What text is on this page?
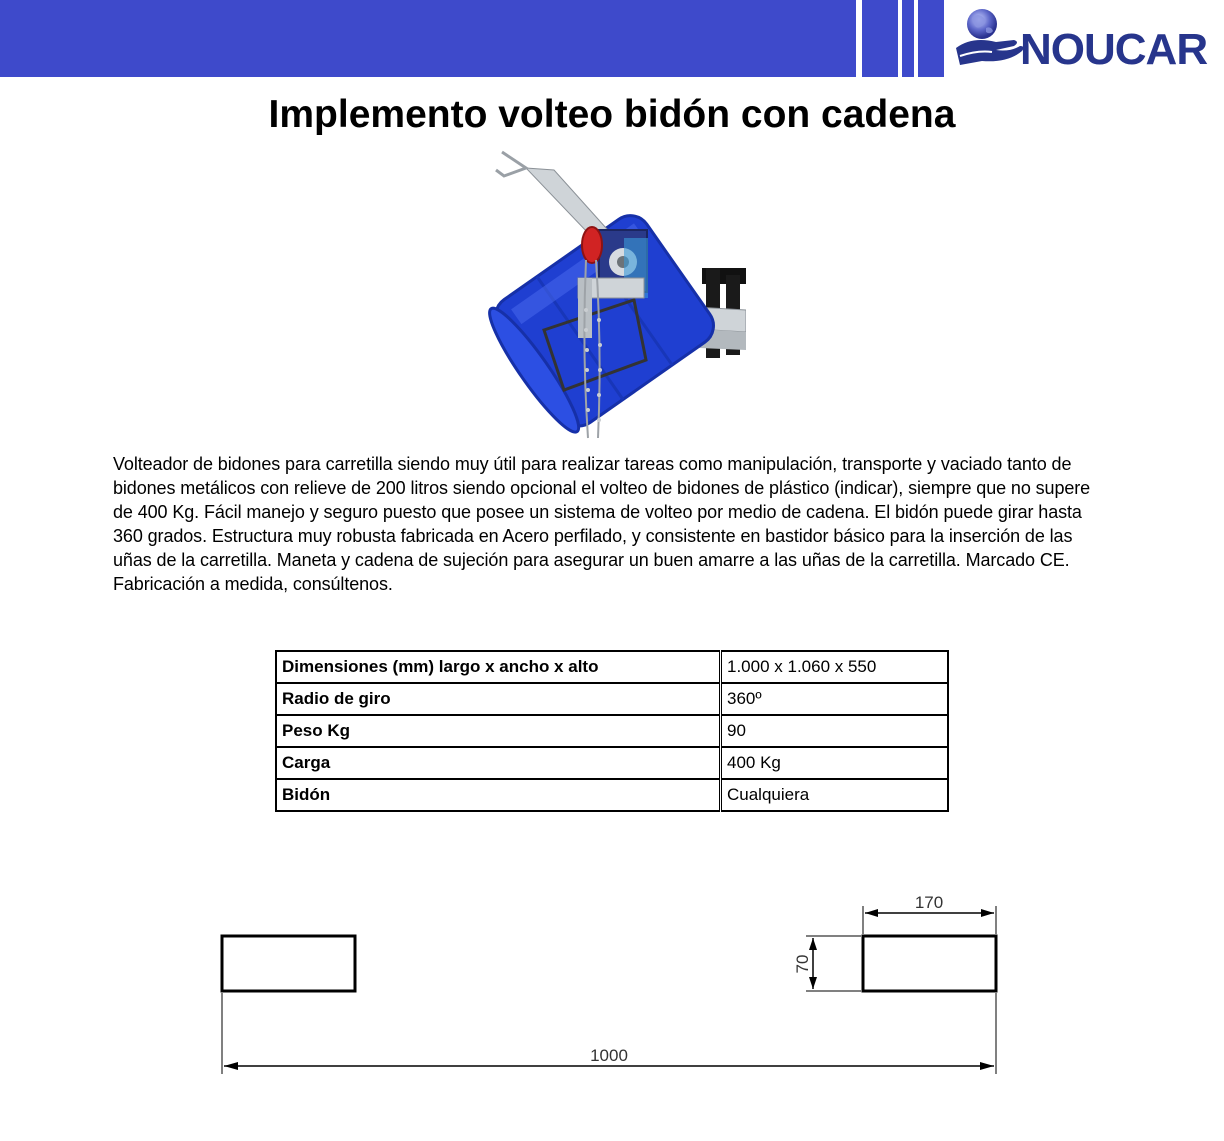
NOUCAR
Implemento volteo bidón con cadena

Volteador de bidones para carretilla siendo muy útil para realizar tareas como manipulación, transporte y vaciado tanto de bidones metálicos con relieve de 200 litros siendo opcional el volteo de bidones de plástico (indicar), siempre que no supere de 400 Kg. Fácil manejo y seguro puesto que posee un sistema de volteo por medio de cadena. El bidón puede girar hasta 360 grados. Estructura muy robusta fabricada en Acero perfilado, y consistente en bastidor básico para la inserción de las uñas de la carretilla. Maneta y cadena de sujeción para asegurar un buen amarre a las uñas de la carretilla. Marcado CE. Fabricación a medida, consúltenos.

Dimensiones (mm) largo x ancho x alto	1.000 x 1.060 x 550
Radio de giro	360º
Peso Kg	90
Carga	400 Kg
Bidón	Cualquiera
170
70
1000
